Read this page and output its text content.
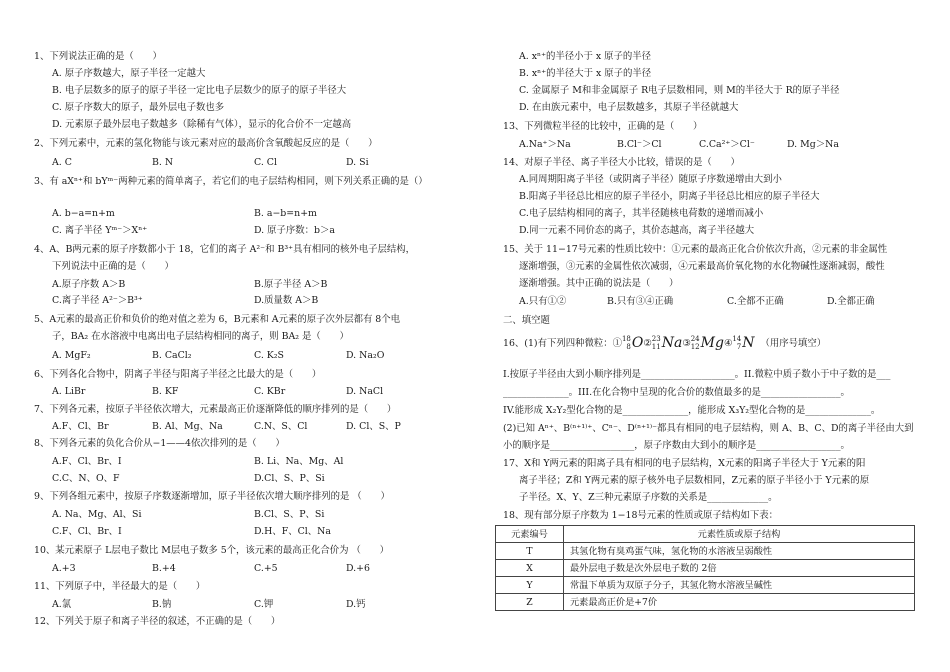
1、下列说法正确的是（　　）
A. 原子序数越大，原子半径一定越大
B. 电子层数多的原子的原子半径一定比电子层数少的原子的原子半径大
C. 原子序数大的原子，最外层电子数也多
D. 元素原子最外层电子数越多（除稀有气体），显示的化合价不一定越高
2、下列元素中，元素的氢化物能与该元素对应的最高价含氧酸起反应的是（　　）
A. C	B. N	C. Cl	D. Si
3、有 aXⁿ⁺和 bYᵐ⁻两种元素的简单离子，若它们的电子层结构相同，则下列关系正确的是（）
A. b−a=n+m	B. a−b=n+m
C. 离子半径 Yᵐ⁻＞Xⁿ⁺	D. 原子序数：b＞a
4、A、B两元素的原子序数都小于 18，它们的离子 A²⁻和 B³⁺具有相同的核外电子层结构，
下列说法中正确的是（　　）
A.原子序数 A＞B	B.原子半径 A＞B
C.离子半径 A²⁻＞B³⁺	D.质量数 A＞B
5、A元素的最高正价和负价的绝对值之差为 6，B元素和 A元素的原子次外层都有 8个电
子，BA₂ 在水溶液中电离出电子层结构相同的离子，则 BA₂ 是（　　）
A. MgF₂	B. CaCl₂	C. K₂S	D. Na₂O
6、下列各化合物中，阴离子半径与阳离子半径之比最大的是（　　）
A. LiBr	B. KF	C. KBr	D. NaCl
7、下列各元素，按原子半径依次增大，元素最高正价逐渐降低的顺序排列的是（　　）
A.F、Cl、Br	B. Al、Mg、Na	C.N、S、Cl	D. Cl、S、P
8、下列各元素的负化合价从−1——4依次排列的是（　　）
A.F、Cl、Br、I	B. Li、Na、Mg、Al
C.C、N、O、F	D.Cl、S、P、Si
9、下列各组元素中，按原子序数逐渐增加，原子半径依次增大顺序排列的是 （　　）
A. Na、Mg、Al、Si	B.Cl、S、P、Si
C.F、Cl、Br、I	D.H、F、Cl、Na
10、某元素原子 L层电子数比 M层电子数多 5个，该元素的最高正化合价为 （　　）
A.+3	B.+4	C.+5	D.+6
11、下列原子中，半径最大的是（　　）
A.氯	B.钠	C.钾	D.钙
12、下列关于原子和离子半径的叙述，不正确的是（　　）
A. xⁿ⁺的半径小于 x 原子的半径
B. xⁿ⁺的半径大于 x 原子的半径
C. 金属原子 M和非金属原子 R电子层数相同，则 M的半径大于 R的原子半径
D. 在由族元素中，电子层数越多，其原子半径就越大
13、下列微粒半径的比较中，正确的是（　　）
A.Na⁺＞Na	B.Cl⁻＞Cl	C.Ca²⁺＞Cl⁻	D. Mg＞Na
14、对原子半径、离子半径大小比较，错误的是（　　）
A.同周期阳离子半径（或阴离子半径）随原子序数递增由大到小
B.阳离子半径总比相应的原子半径小，阴离子半径总比相应的原子半径大
C.电子层结构相同的离子，其半径随核电荷数的递增而减小
D.同一元素不同价态的离子，其价态越高，离子半径越大
15、关于 11−17号元素的性质比较中：①元素的最高正化合价依次升高，②元素的非金属性
逐渐增强，③元素的金属性依次减弱，④元素最高价氧化物的水化物碱性逐渐减弱，酸性
逐渐增强。其中正确的说法是（　　）
A.只有①②	B.只有③④正确	C.全都不正确	D.全都正确
二、填空题
16、(1)有下列四种微粒：① 18
8 O ② 23
11 Na ③ 24
12 Mg ④ 14
7 N （用序号填空）
I.按原子半径由大到小顺序排列是____________________。II.微粒中质子数小于中子数的是___
______________。III.在化合物中呈现的化合价的数值最多的是_________________。
IV.能形成 X₂Y₂型化合物的是______________，能形成 X₃Y₂型化合物的是______________。
(2)已知 Aⁿ⁺、B⁽ⁿ⁺¹⁾⁺、Cⁿ⁻、D⁽ⁿ⁺¹⁾⁻都具有相同的电子层结构，则 A、B、C、D的离子半径由大到
小的顺序是__________________，原子序数由大到小的顺序是__________________。
17、X和 Y两元素的阳离子具有相同的电子层结构，X元素的阳离子半径大于 Y元素的阳
离子半径；Z和 Y两元素的原子核外电子层数相同，Z元素的原子半径小于 Y元素的原
子半径。X、Y、Z三种元素原子序数的关系是_____________。
18、现有部分原子序数为 1−18号元素的性质或原子结构如下表：
元素编号	元素性质或原子结构
T	其氢化物有臭鸡蛋气味，氢化物的水溶液呈弱酸性
X	最外层电子数是次外层电子数的 2倍
Y	常温下单质为双原子分子，其氢化物水溶液呈碱性
Z	元素最高正价是+7价
